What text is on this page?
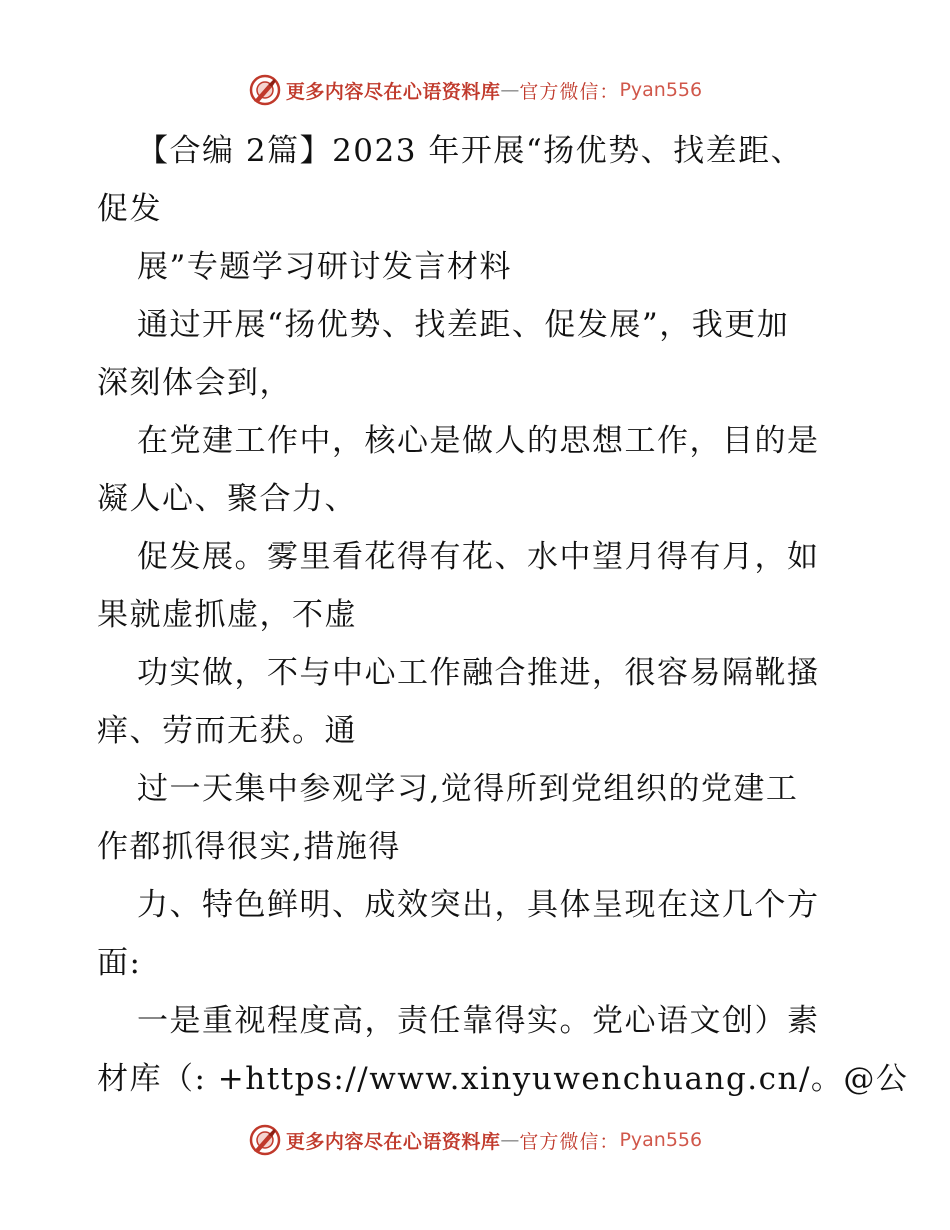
更多内容尽在心语资料库 — 官方微信： Pyan556
【合编 2篇】2023 年开展“扬优势、找差距、
促发
展”专题学习研讨发言材料
通过开展“扬优势、找差距、促发展”，我更加
深刻体会到，
在党建工作中，核心是做人的思想工作，目的是
凝人心、聚合力、
促发展。雾里看花得有花、水中望月得有月，如
果就虚抓虚，不虚
功实做，不与中心工作融合推进，很容易隔靴搔
痒、劳而无获。通
过一天集中参观学习,觉得所到党组织的党建工
作都抓得很实,措施得
力、特色鲜明、成效突出，具体呈现在这几个方
面:
一是重视程度高，责任靠得实。党心语文创）素
材库（: +https://www.xinyuwenchuang.cn/。@公
更多内容尽在心语资料库 — 官方微信： Pyan556
